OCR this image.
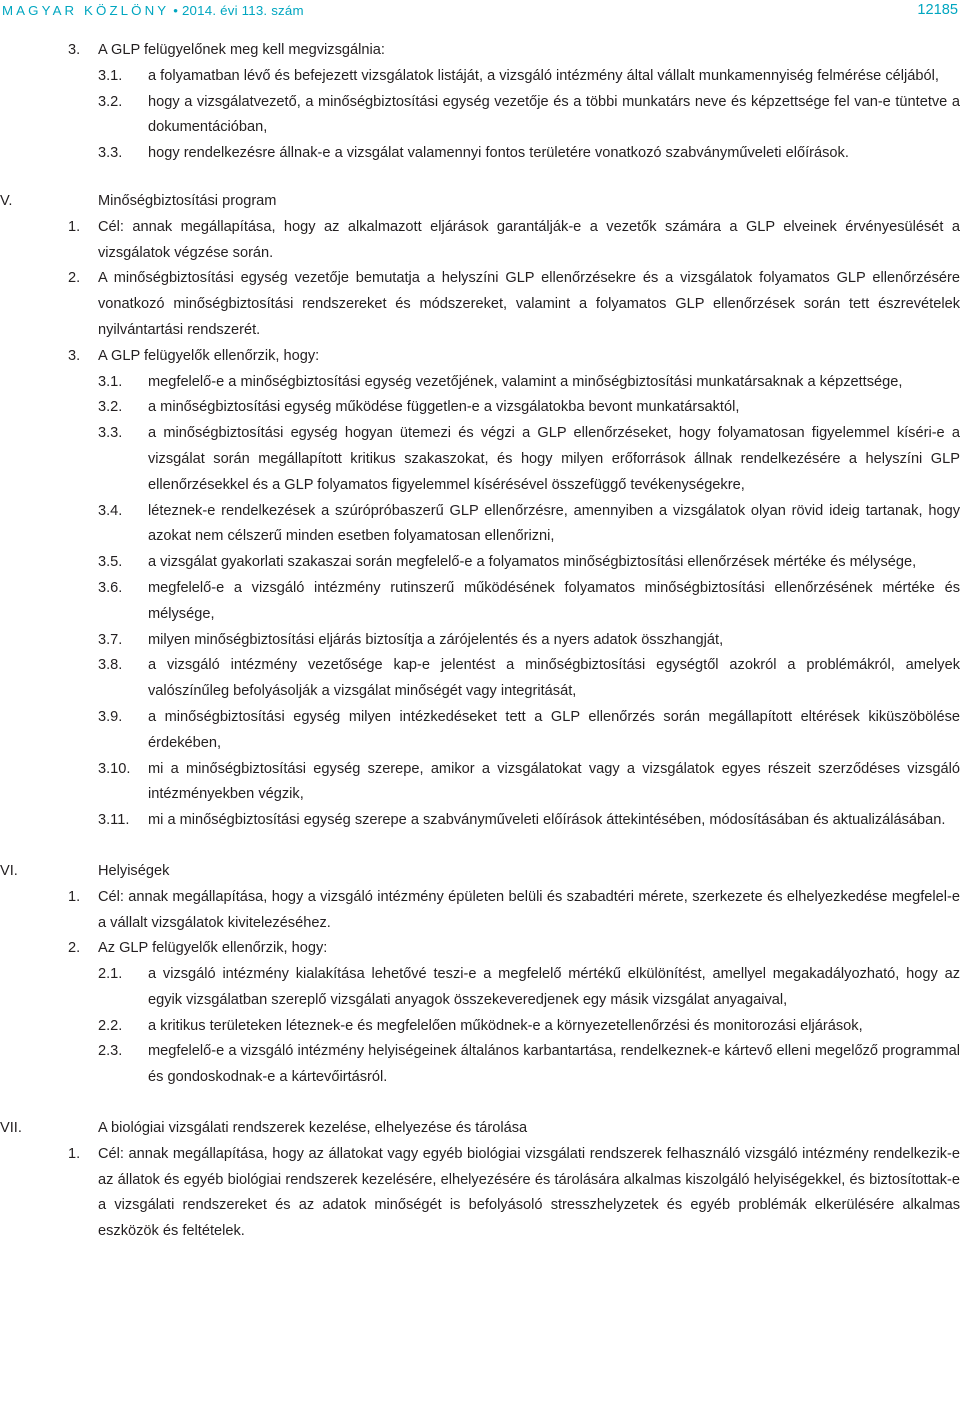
MAGYAR KÖZLÖNY • 2014. évi 113. szám	12185
3.	A GLP felügyelőnek meg kell megvizsgálnia:
3.1.	a folyamatban lévő és befejezett vizsgálatok listáját, a vizsgáló intézmény által vállalt munkamennyiség felmérése céljából,
3.2.	hogy a vizsgálatvezető, a minőségbiztosítási egység vezetője és a többi munkatárs neve és képzettsége fel van-e tüntetve a dokumentációban,
3.3.	hogy rendelkezésre állnak-e a vizsgálat valamennyi fontos területére vonatkozó szabványműveleti előírások.
V.	Minőségbiztosítási program
1.	Cél: annak megállapítása, hogy az alkalmazott eljárások garantálják-e a vezetők számára a GLP elveinek érvényesülését a vizsgálatok végzése során.
2.	A minőségbiztosítási egység vezetője bemutatja a helyszíni GLP ellenőrzésekre és a vizsgálatok folyamatos GLP ellenőrzésére vonatkozó minőségbiztosítási rendszereket és módszereket, valamint a folyamatos GLP ellenőrzések során tett észrevételek nyilvántartási rendszerét.
3.	A GLP felügyelők ellenőrzik, hogy:
3.1.	megfelelő-e a minőségbiztosítási egység vezetőjének, valamint a minőségbiztosítási munkatársaknak a képzettsége,
3.2.	a minőségbiztosítási egység működése független-e a vizsgálatokba bevont munkatársaktól,
3.3.	a minőségbiztosítási egység hogyan ütemezi és végzi a GLP ellenőrzéseket, hogy folyamatosan figyelemmel kíséri-e a vizsgálat során megállapított kritikus szakaszokat, és hogy milyen erőforrások állnak rendelkezésére a helyszíni GLP ellenőrzésekkel és a GLP folyamatos figyelemmel kísérésével összefüggő tevékenységekre,
3.4.	léteznek-e rendelkezések a szúrópróbaszerű GLP ellenőrzésre, amennyiben a vizsgálatok olyan rövid ideig tartanak, hogy azokat nem célszerű minden esetben folyamatosan ellenőrizni,
3.5.	a vizsgálat gyakorlati szakaszai során megfelelő-e a folyamatos minőségbiztosítási ellenőrzések mértéke és mélysége,
3.6.	megfelelő-e a vizsgáló intézmény rutinszerű működésének folyamatos minőségbiztosítási ellenőrzésének mértéke és mélysége,
3.7.	milyen minőségbiztosítási eljárás biztosítja a zárójelentés és a nyers adatok összhangját,
3.8.	a vizsgáló intézmény vezetősége kap-e jelentést a minőségbiztosítási egységtől azokról a problémákról, amelyek valószínűleg befolyásolják a vizsgálat minőségét vagy integritását,
3.9.	a minőségbiztosítási egység milyen intézkedéseket tett a GLP ellenőrzés során megállapított eltérések kiküszöbölése érdekében,
3.10.	mi a minőségbiztosítási egység szerepe, amikor a vizsgálatokat vagy a vizsgálatok egyes részeit szerződéses vizsgáló intézményekben végzik,
3.11.	mi a minőségbiztosítási egység szerepe a szabványműveleti előírások áttekintésében, módosításában és aktualizálásában.
VI.	Helyiségek
1.	Cél: annak megállapítása, hogy a vizsgáló intézmény épületen belüli és szabadtéri mérete, szerkezete és elhelyezkedése megfelel-e a vállalt vizsgálatok kivitelezéséhez.
2.	Az GLP felügyelők ellenőrzik, hogy:
2.1.	a vizsgáló intézmény kialakítása lehetővé teszi-e a megfelelő mértékű elkülönítést, amellyel megakadályozható, hogy az egyik vizsgálatban szereplő vizsgálati anyagok összekeveredjenek egy másik vizsgálat anyagaival,
2.2.	a kritikus területeken léteznek-e és megfelelően működnek-e a környezetellenőrzési és monitorozási eljárások,
2.3.	megfelelő-e a vizsgáló intézmény helyiségeinek általános karbantartása, rendelkeznek-e kártevő elleni megelőző programmal és gondoskodnak-e a kártevőirtásról.
VII.	A biológiai vizsgálati rendszerek kezelése, elhelyezése és tárolása
1.	Cél: annak megállapítása, hogy az állatokat vagy egyéb biológiai vizsgálati rendszerek felhasználó vizsgáló intézmény rendelkezik-e az állatok és egyéb biológiai rendszerek kezelésére, elhelyezésére és tárolására alkalmas kiszolgáló helyiségekkel, és biztosítottak-e a vizsgálati rendszereket és az adatok minőségét is befolyásoló stresszhelyzetek és egyéb problémák elkerülésére alkalmas eszközök és feltételek.
